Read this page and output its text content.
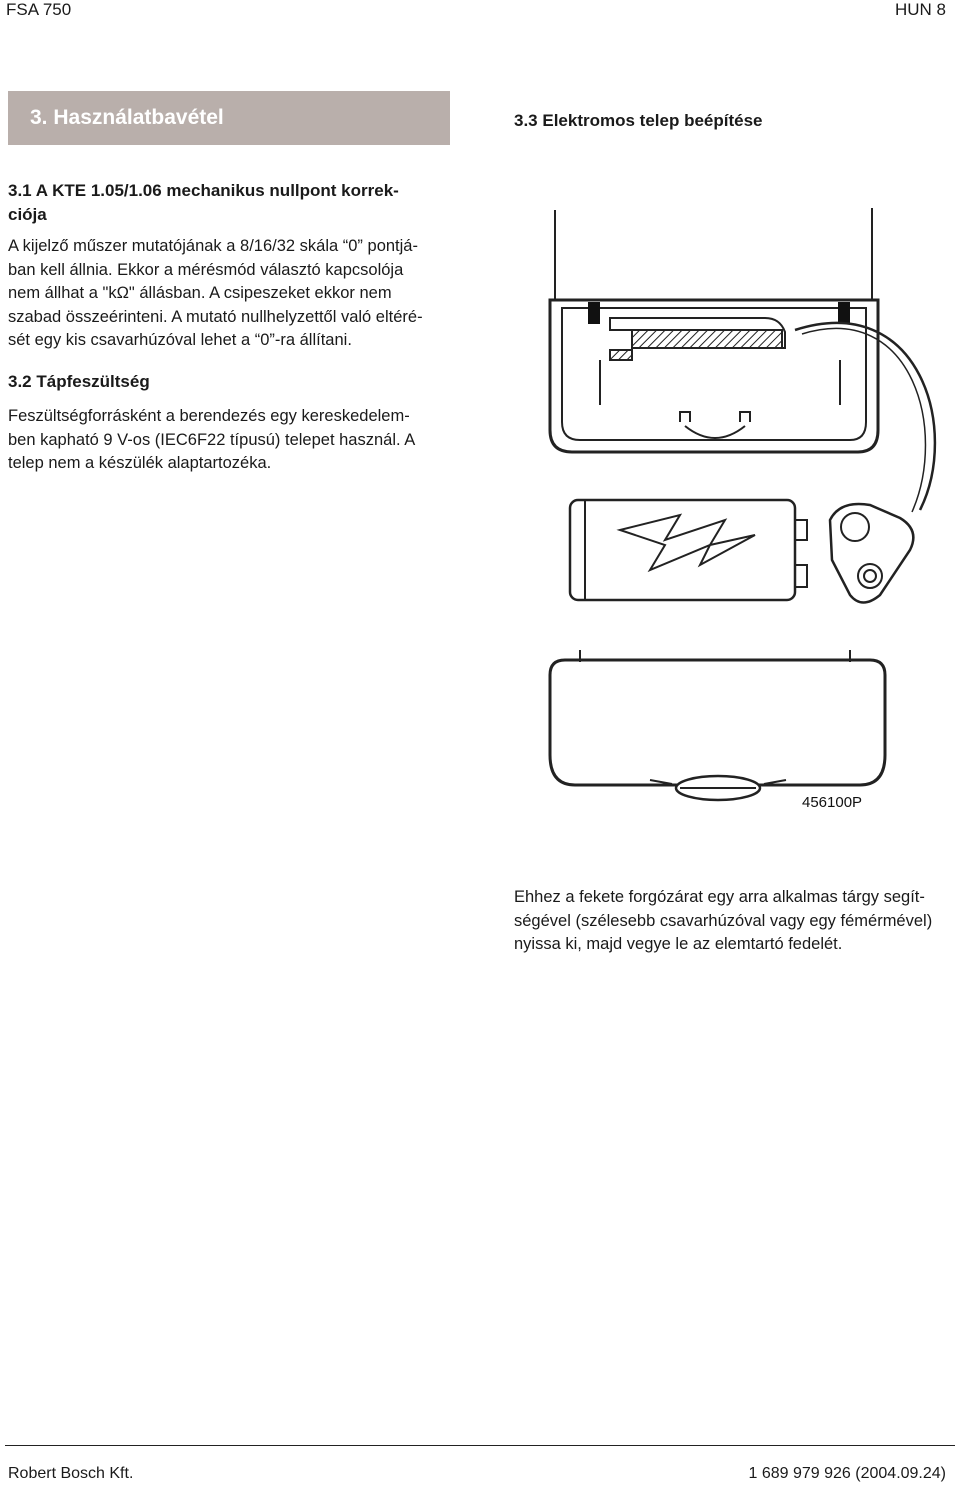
FSA 750	HUN 8
3. Használatbavétel	3.3 Elektromos telep beépítése
3.1 A KTE 1.05/1.06 mechanikus nullpont korrek-
ciója
A kijelző műszer mutatójának a 8/16/32 skála “0” pontjá-
ban kell állnia. Ekkor a mérésmód választó kapcsolója
nem állhat a "kΩ" állásban. A csipeszeket ekkor nem
szabad összeérinteni. A mutató nullhelyzettől való eltéré-
sét egy kis csavarhúzóval lehet a “0”-ra állítani.
3.2 Tápfeszültség
Feszültségforrásként a berendezés egy kereskedelem-
ben kapható 9 V-os (IEC6F22 típusú) telepet használ. A
telep nem a készülék alaptartozéka.
456100P
Ehhez a fekete forgózárat egy arra alkalmas tárgy segít-
ségével (szélesebb csavarhúzóval vagy egy fémérmével)
nyissa ki, majd vegye le az elemtartó fedelét.
Robert Bosch Kft.	1 689 979 926 (2004.09.24)
